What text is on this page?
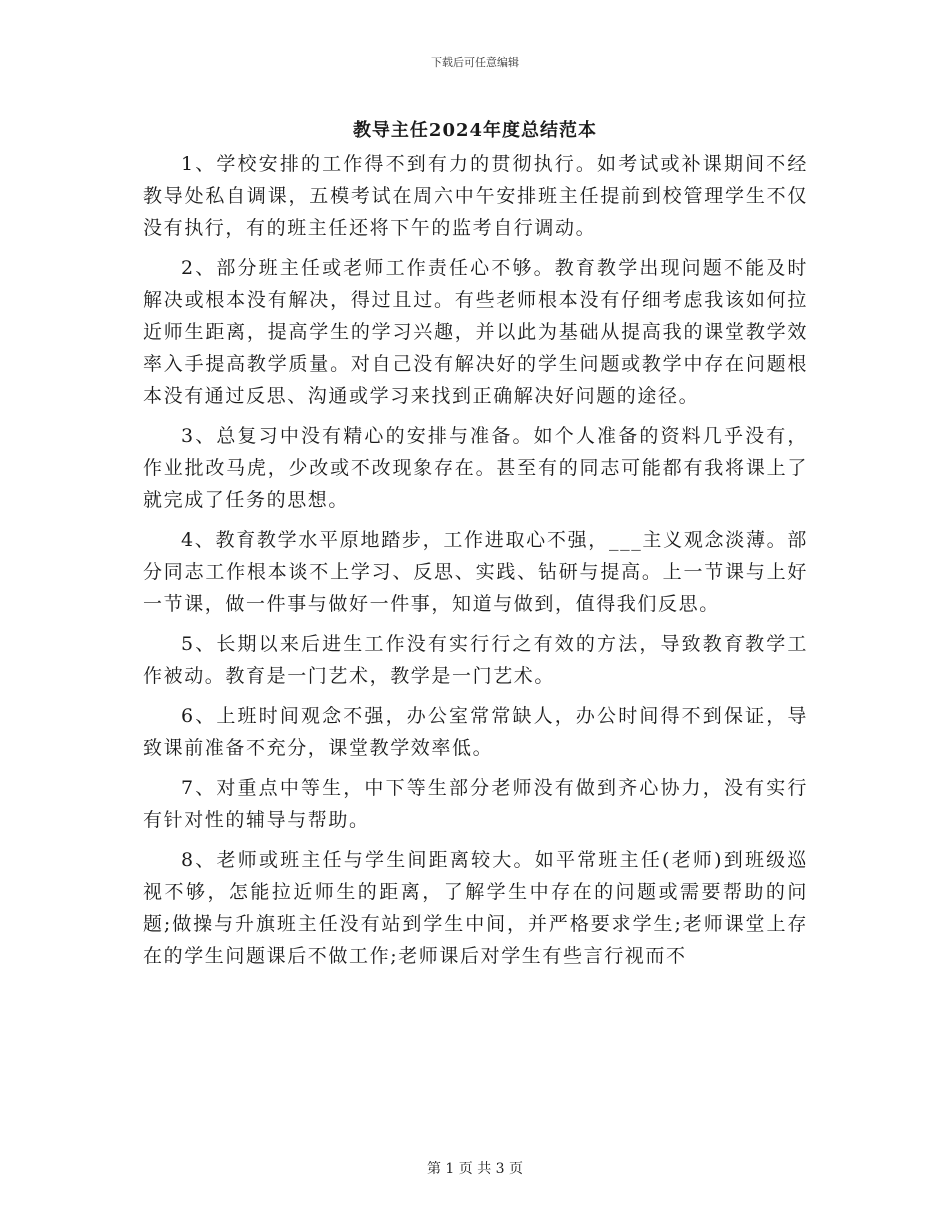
下载后可任意编辑
教导主任2024年度总结范本

1、学校安排的工作得不到有力的贯彻执行。如考试或补课期间不经教导处私自调课，五模考试在周六中午安排班主任提前到校管理学生不仅没有执行，有的班主任还将下午的监考自行调动。

2、部分班主任或老师工作责任心不够。教育教学出现问题不能及时解决或根本没有解决，得过且过。有些老师根本没有仔细考虑我该如何拉近师生距离，提高学生的学习兴趣，并以此为基础从提高我的课堂教学效率入手提高教学质量。对自己没有解决好的学生问题或教学中存在问题根本没有通过反思、沟通或学习来找到正确解决好问题的途径。

3、总复习中没有精心的安排与准备。如个人准备的资料几乎没有，作业批改马虎，少改或不改现象存在。甚至有的同志可能都有我将课上了就完成了任务的思想。

4、教育教学水平原地踏步，工作进取心不强，___主义观念淡薄。部分同志工作根本谈不上学习、反思、实践、钻研与提高。上一节课与上好一节课，做一件事与做好一件事，知道与做到，值得我们反思。

5、长期以来后进生工作没有实行行之有效的方法，导致教育教学工作被动。教育是一门艺术，教学是一门艺术。

6、上班时间观念不强，办公室常常缺人，办公时间得不到保证，导致课前准备不充分，课堂教学效率低。

7、对重点中等生，中下等生部分老师没有做到齐心协力，没有实行有针对性的辅导与帮助。

8、老师或班主任与学生间距离较大。如平常班主任(老师)到班级巡视不够，怎能拉近师生的距离，了解学生中存在的问题或需要帮助的问题;做操与升旗班主任没有站到学生中间，并严格要求学生;老师课堂上存在的学生问题课后不做工作;老师课后对学生有些言行视而不

第 1 页 共 3 页
